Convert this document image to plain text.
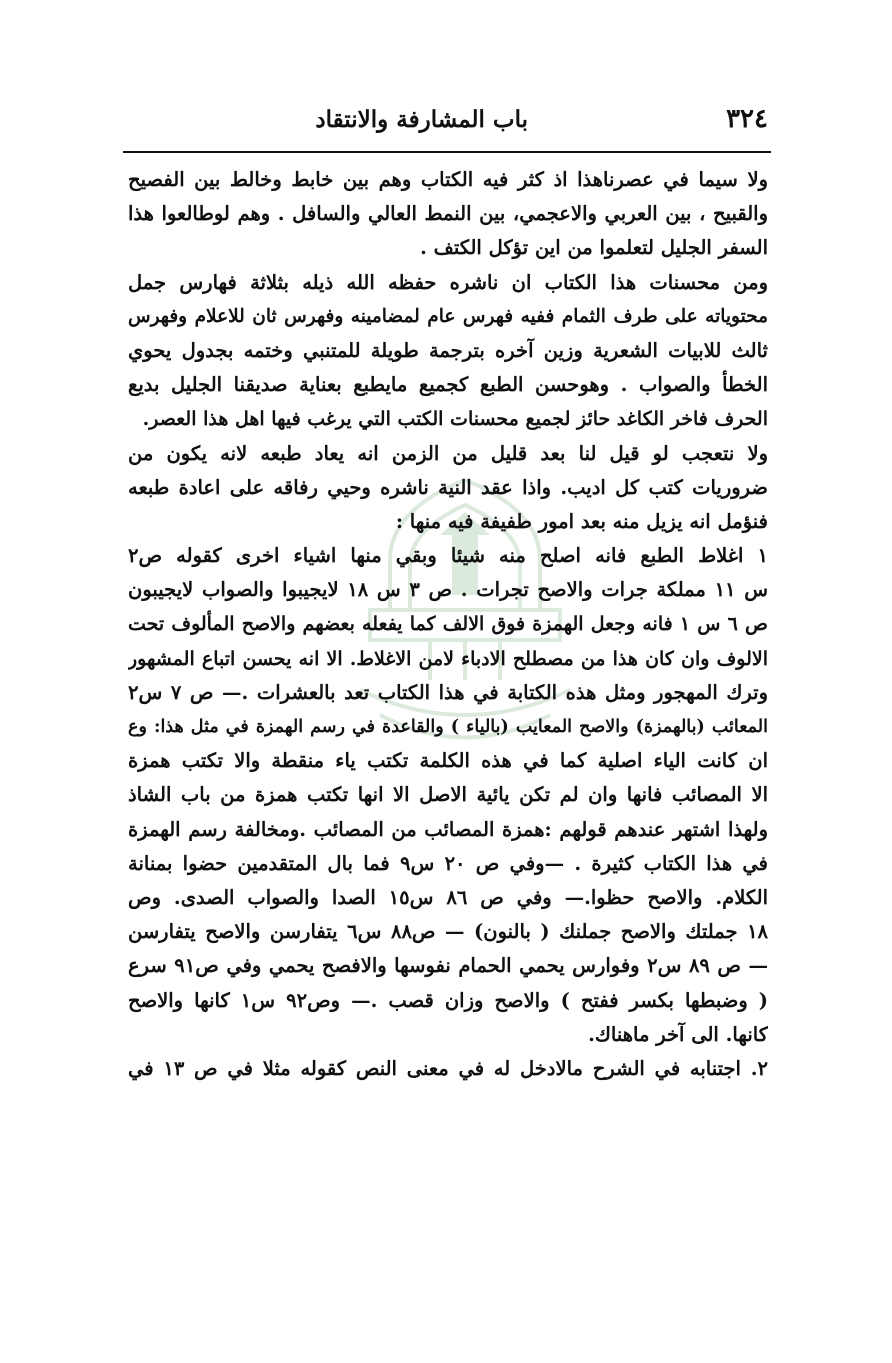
٣٢٤
باب المشارفة والانتقاد
ولا سيما في عصرناهذا اذ كثر فيه الكتاب وهم بين خابط وخالط بين الفصيح
والقبيح ، بين العربي والاعجمي، بين النمط العالي والسافل . وهم لوطالعوا هذا
السفر الجليل لتعلموا من اين تؤكل الكتف .
ومن محسنات هذا الكتاب ان ناشره حفظه الله ذيله بثلاثة فهارس جمل
محتوياته على طرف الثمام ففيه فهرس عام لمضامينه وفهرس ثان للاعلام وفهرس
ثالث للابيات الشعرية وزين آخره بترجمة طويلة للمتنبي وختمه بجدول يحوي
الخطأ والصواب . وهوحسن الطبع كجميع مايطبع بعناية صديقنا الجليل بديع
الحرف فاخر الكاغد حائز لجميع محسنات الكتب التي يرغب فيها اهل هذا العصر.
ولا نتعجب لو قيل لنا بعد قليل من الزمن انه يعاد طبعه لانه يكون من
ضروريات كتب كل اديب. واذا عقد النية ناشره وحيي رفاقه على اعادة طبعه
فنؤمل انه يزيل منه بعد امور طفيفة فيه منها :
١ اغلاط الطبع فانه اصلح منه شيئا وبقي منها اشياء اخرى كقوله ص٢
س ١١ مملكة جرات والاصح تجرات . ص ٣ س ١٨ لايجيبوا والصواب لايجيبون
ص ٦ س ١ فانه وجعل الهمزة فوق الالف كما يفعله بعضهم والاصح المألوف تحت
الالوف وان كان هذا من مصطلح الادباء لامن الاغلاط. الا انه يحسن اتباع المشهور
وترك المهجور ومثل هذه الكتابة في هذا الكتاب تعد بالعشرات .— ص ٧ س٢
المعائب (بالهمزة) والاصح المعايب (بالياء ) والقاعدة في رسم الهمزة في مثل هذا: وع
ان كانت الياء اصلية كما في هذه الكلمة تكتب ياء منقطة والا تكتب همزة
الا المصائب فانها وان لم تكن يائية الاصل الا انها تكتب همزة من باب الشاذ
ولهذا اشتهر عندهم قولهم :همزة المصائب من المصائب .ومخالفة رسم الهمزة
في هذا الكتاب كثيرة . —وفي ص ٢٠ س٩ فما بال المتقدمين حضوا بمنانة
الكلام. والاصح حظوا.— وفي ص ٨٦ س١٥ الصدا والصواب الصدى. وص
١٨ جملتك والاصح جملنك ( بالنون) — ص٨٨ س٦ يتفارسن والاصح يتفارسن
— ص ٨٩ س٢ وفوارس يحمي الحمام نفوسها والافصح يحمي وفي ص٩١ سرع
( وضبطها بكسر ففتح ) والاصح وزان قصب .— وص٩٢ س١ كانها والاصح
كانها. الى آخر ماهناك.
٢. اجتنابه في الشرح مالادخل له في معنى النص كقوله مثلا في ص ١٣ في
